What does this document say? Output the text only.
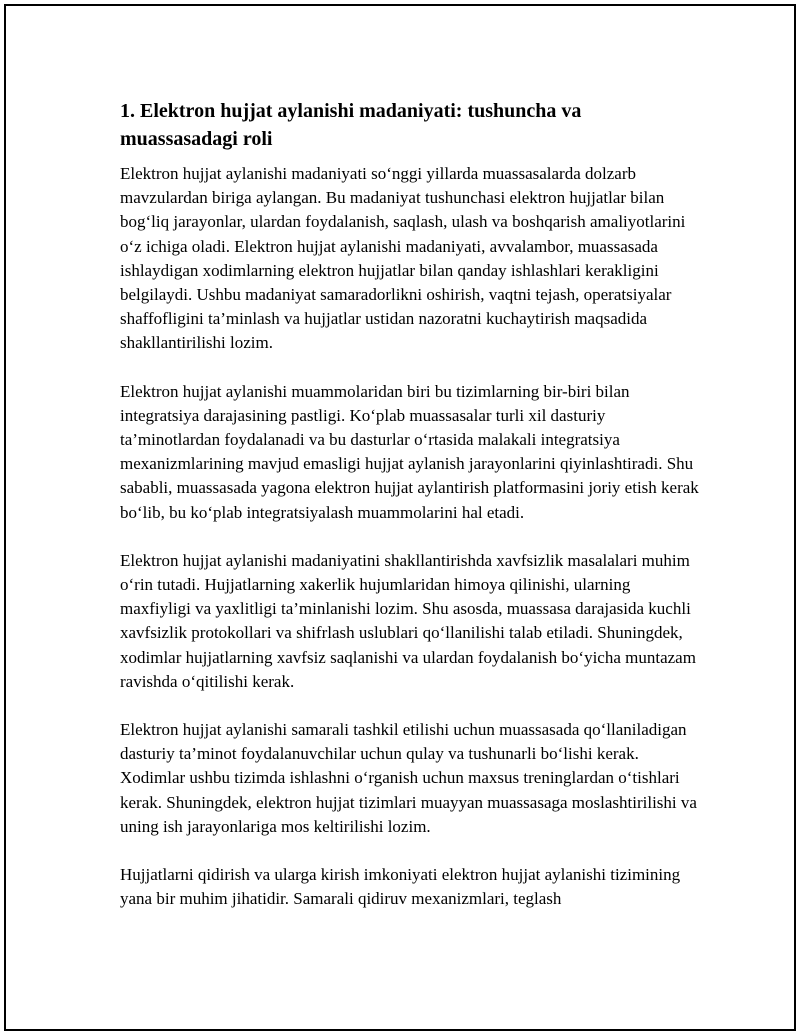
1. Elektron hujjat aylanishi madaniyati: tushuncha va muassasadagi roli

Elektron hujjat aylanishi madaniyati so‘nggi yillarda muassasalarda dolzarb mavzulardan biriga aylangan. Bu madaniyat tushunchasi elektron hujjatlar bilan bog‘liq jarayonlar, ulardan foydalanish, saqlash, ulash va boshqarish amaliyotlarini o‘z ichiga oladi. Elektron hujjat aylanishi madaniyati, avvalambor, muassasada ishlaydigan xodimlarning elektron hujjatlar bilan qanday ishlashlari kerakligini belgilaydi. Ushbu madaniyat samaradorlikni oshirish, vaqtni tejash, operatsiyalar shaffofligini ta’minlash va hujjatlar ustidan nazoratni kuchaytirish maqsadida shakllantirilishi lozim.

Elektron hujjat aylanishi muammolaridan biri bu tizimlarning bir-biri bilan integratsiya darajasining pastligi. Ko‘plab muassasalar turli xil dasturiy ta’minotlardan foydalanadi va bu dasturlar o‘rtasida malakali integratsiya mexanizmlarining mavjud emasligi hujjat aylanish jarayonlarini qiyinlashtiradi. Shu sababli, muassasada yagona elektron hujjat aylantirish platformasini joriy etish kerak bo‘lib, bu ko‘plab integratsiyalash muammolarini hal etadi.

Elektron hujjat aylanishi madaniyatini shakllantirishda xavfsizlik masalalari muhim o‘rin tutadi. Hujjatlarning xakerlik hujumlaridan himoya qilinishi, ularning maxfiyligi va yaxlitligi ta’minlanishi lozim. Shu asosda, muassasa darajasida kuchli xavfsizlik protokollari va shifrlash uslublari qo‘llanilishi talab etiladi. Shuningdek, xodimlar hujjatlarning xavfsiz saqlanishi va ulardan foydalanish bo‘yicha muntazam ravishda o‘qitilishi kerak.

Elektron hujjat aylanishi samarali tashkil etilishi uchun muassasada qo‘llaniladigan dasturiy ta’minot foydalanuvchilar uchun qulay va tushunarli bo‘lishi kerak. Xodimlar ushbu tizimda ishlashni o‘rganish uchun maxsus treninglardan o‘tishlari kerak. Shuningdek, elektron hujjat tizimlari muayyan muassasaga moslashtirilishi va uning ish jarayonlariga mos keltirilishi lozim.

Hujjatlarni qidirish va ularga kirish imkoniyati elektron hujjat aylanishi tizimining yana bir muhim jihatidir. Samarali qidiruv mexanizmlari, teglash
